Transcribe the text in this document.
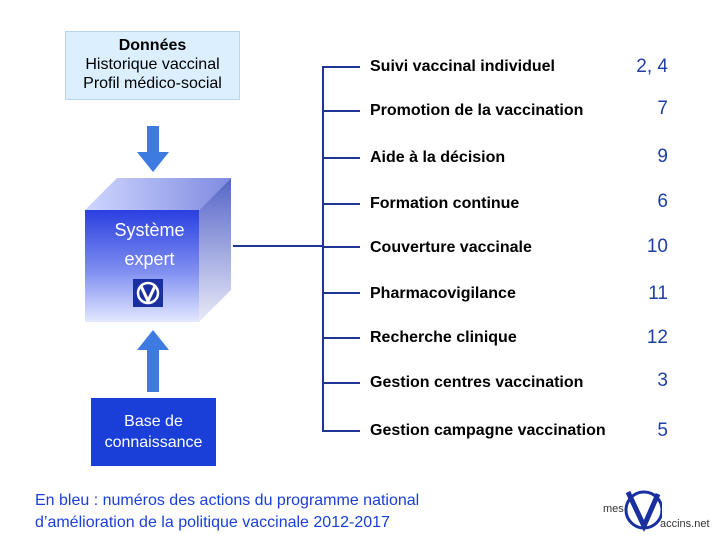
Données
Historique vaccinal
Profil médico-social
Système
expert
Base de
connaissance
Suivi vaccinal individuel	2, 4
Promotion de la vaccination	7
Aide à la décision	9
Formation continue	6
Couverture vaccinale	10
Pharmacovigilance	11
Recherche clinique	12
Gestion centres vaccination	3
Gestion campagne vaccination	5
En bleu : numéros des actions du programme national
d’amélioration de la politique vaccinale 2012-2017
mes
accins.net
